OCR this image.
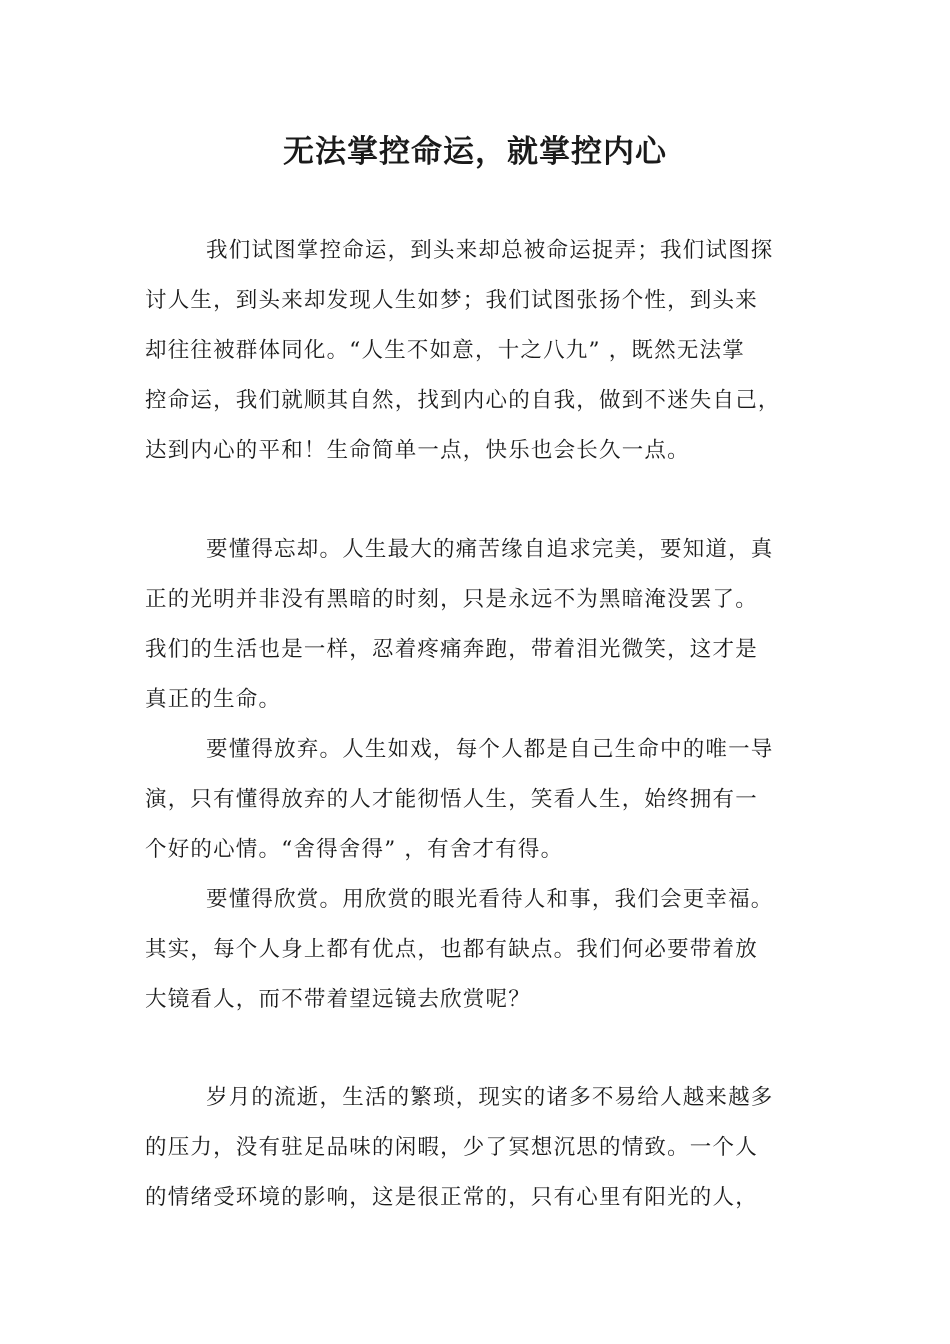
无法掌控命运，就掌控内心
我们试图掌控命运，到头来却总被命运捉弄；我们试图探
讨人生，到头来却发现人生如梦；我们试图张扬个性，到头来
却往往被群体同化。“人生不如意，十之八九” ，既然无法掌
控命运，我们就顺其自然，找到内心的自我，做到不迷失自己，
达到内心的平和！生命简单一点，快乐也会长久一点。
要懂得忘却。人生最大的痛苦缘自追求完美，要知道，真
正的光明并非没有黑暗的时刻，只是永远不为黑暗淹没罢了。
我们的生活也是一样，忍着疼痛奔跑，带着泪光微笑，这才是
真正的生命。
要懂得放弃。人生如戏，每个人都是自己生命中的唯一导
演，只有懂得放弃的人才能彻悟人生，笑看人生，始终拥有一
个好的心情。“舍得舍得” ，有舍才有得。
要懂得欣赏。用欣赏的眼光看待人和事，我们会更幸福。
其实，每个人身上都有优点，也都有缺点。我们何必要带着放
大镜看人，而不带着望远镜去欣赏呢？
岁月的流逝，生活的繁琐，现实的诸多不易给人越来越多
的压力，没有驻足品味的闲暇，少了冥想沉思的情致。一个人
的情绪受环境的影响，这是很正常的，只有心里有阳光的人，
